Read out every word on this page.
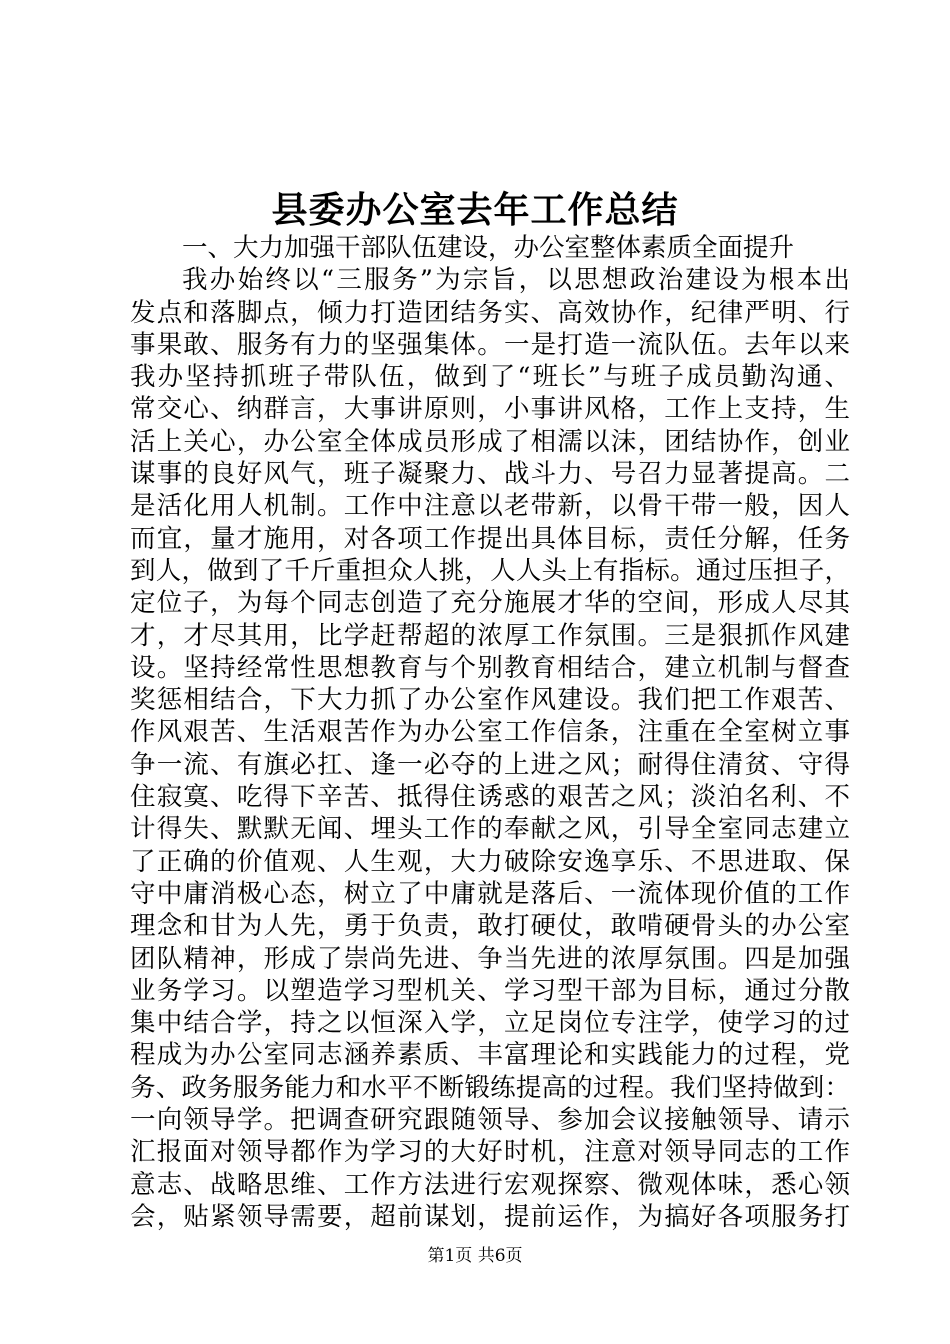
县委办公室去年工作总结
一、大力加强干部队伍建设，办公室整体素质全面提升
我办始终以“三服务”为宗旨，以思想政治建设为根本出
发点和落脚点，倾力打造团结务实、高效协作，纪律严明、行
事果敢、服务有力的坚强集体。一是打造一流队伍。去年以来
我办坚持抓班子带队伍，做到了“班长”与班子成员勤沟通、
常交心、纳群言，大事讲原则，小事讲风格，工作上支持，生
活上关心，办公室全体成员形成了相濡以沫，团结协作，创业
谋事的良好风气，班子凝聚力、战斗力、号召力显著提高。二
是活化用人机制。工作中注意以老带新，以骨干带一般，因人
而宜，量才施用，对各项工作提出具体目标，责任分解，任务
到人，做到了千斤重担众人挑，人人头上有指标。通过压担子，
定位子，为每个同志创造了充分施展才华的空间，形成人尽其
才，才尽其用，比学赶帮超的浓厚工作氛围。三是狠抓作风建
设。坚持经常性思想教育与个别教育相结合，建立机制与督查
奖惩相结合，下大力抓了办公室作风建设。我们把工作艰苦、
作风艰苦、生活艰苦作为办公室工作信条，注重在全室树立事
争一流、有旗必扛、逢一必夺的上进之风；耐得住清贫、守得
住寂寞、吃得下辛苦、抵得住诱惑的艰苦之风；淡泊名利、不
计得失、默默无闻、埋头工作的奉献之风，引导全室同志建立
了正确的价值观、人生观，大力破除安逸享乐、不思进取、保
守中庸消极心态，树立了中庸就是落后、一流体现价值的工作
理念和甘为人先，勇于负责，敢打硬仗，敢啃硬骨头的办公室
团队精神，形成了崇尚先进、争当先进的浓厚氛围。四是加强
业务学习。以塑造学习型机关、学习型干部为目标，通过分散
集中结合学，持之以恒深入学，立足岗位专注学，使学习的过
程成为办公室同志涵养素质、丰富理论和实践能力的过程，党
务、政务服务能力和水平不断锻练提高的过程。我们坚持做到：
一向领导学。把调查研究跟随领导、参加会议接触领导、请示
汇报面对领导都作为学习的大好时机，注意对领导同志的工作
意志、战略思维、工作方法进行宏观探察、微观体味，悉心领
会，贴紧领导需要，超前谋划，提前运作，为搞好各项服务打
第1页 共6页
